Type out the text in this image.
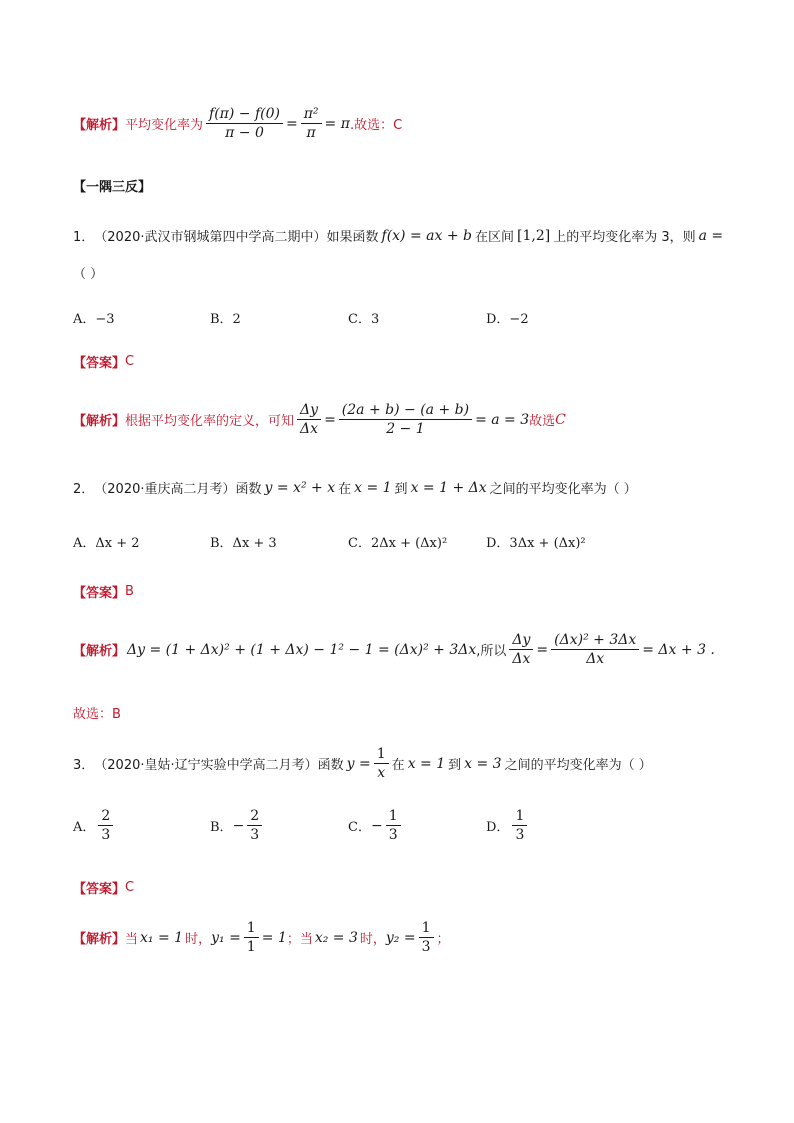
【解析】 平均变化率为 $\frac{f(\pi) - f(0)}{\pi - 0} = \frac{\text{π²}}{\pi} = \pi$ .故选：C
【一隅三反】
1． （2020·武汉市钢城第四中学高二期中） 如果函数 f(x) = ax + b 在区间 [1,2] 上的平均变化率为 3，则 a =
（ ）
A．−3	B．2	C．3	D．−2
【答案】 C
【解析】 根据平均变化率的定义，可知 $\frac{\Delta y}{\Delta x} = \frac{(2a + b) - (a + b)}{2 - 1} = a = 3$ 故选 C
2． （2020·重庆高二月考） 函数 y = x² + x 在 x = 1 到 x = 1 + Δx 之间的平均变化率为（ ）
A．Δx + 2	B．Δx + 3	C．2Δx + (Δx)²	D．3Δx + (Δx)²
【答案】 B
【解析】 Δy = (1 + Δx)² + (1 + Δx) − 1² − 1 = (Δx)² + 3Δx ,所以 $\frac{\Delta y}{\Delta x} = \frac{\text{(Δx)² + 3Δx}}{\Delta x} = \Delta x + 3$ .
故选：B
3． （2020·皇姑·辽宁实验中学高二月考） 函数 $y = \frac{1}{x}$ 在 x = 1 到 x = 3 之间的平均变化率为（ ）
A． $\frac{2}{3}$	B． − $\frac{2}{3}$	C． − $\frac{1}{3}$	D． $\frac{1}{3}$
【答案】 C
【解析】 当 x₁ = 1 时， $y_1 = \frac{1}{1} = 1$ ；当 x₂ = 3 时， $y_2 = \frac{1}{3}$ ；
